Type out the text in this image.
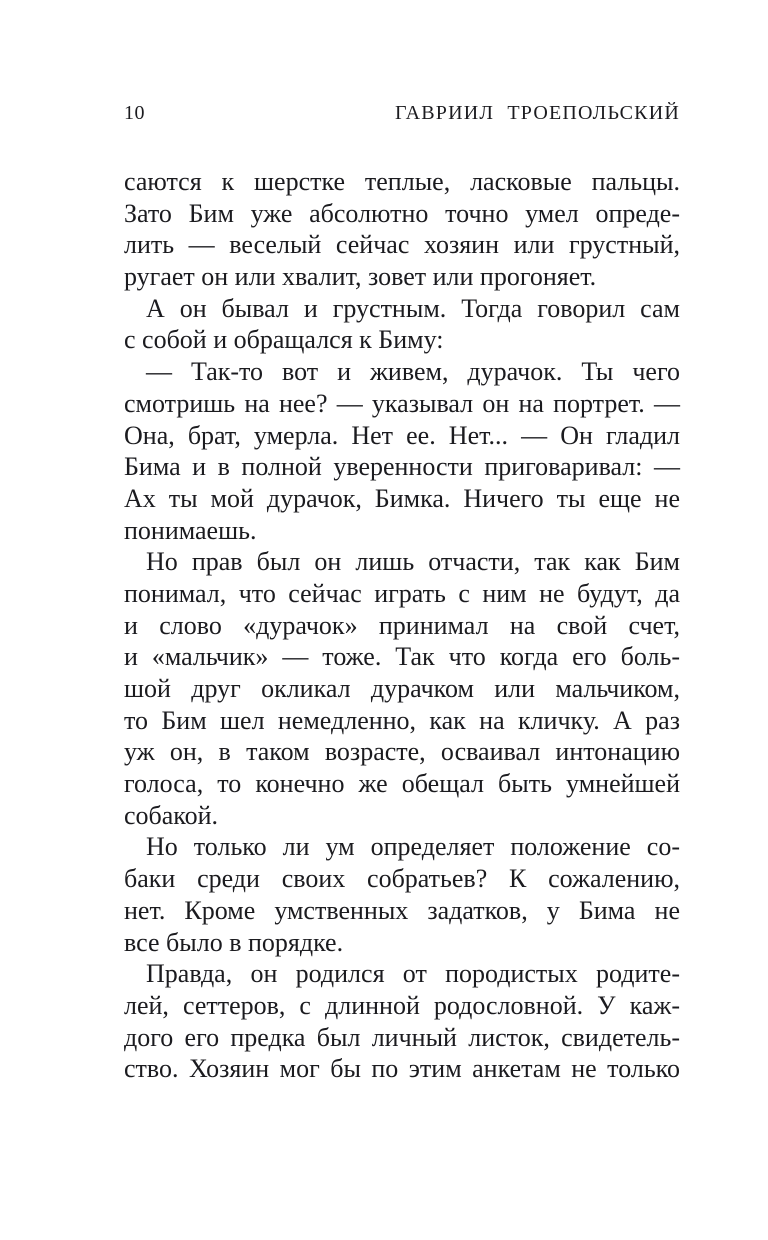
10	ГАВРИИЛ ТРОЕПОЛЬСКИЙ
саются к шерстке теплые, ласковые пальцы.
Зато Бим уже абсолютно точно умел опреде-
лить — веселый сейчас хозяин или грустный,
ругает он или хвалит, зовет или прогоняет.
А он бывал и грустным. Тогда говорил сам
с собой и обращался к Биму:
— Так-то вот и живем, дурачок. Ты чего
смотришь на нее? — указывал он на портрет. —
Она, брат, умерла. Нет ее. Нет... — Он гладил
Бима и в полной уверенности приговаривал: —
Ах ты мой дурачок, Бимка. Ничего ты еще не
понимаешь.
Но прав был он лишь отчасти, так как Бим
понимал, что сейчас играть с ним не будут, да
и слово «дурачок» принимал на свой счет,
и «мальчик» — тоже. Так что когда его боль-
шой друг окликал дурачком или мальчиком,
то Бим шел немедленно, как на кличку. А раз
уж он, в таком возрасте, осваивал интонацию
голоса, то конечно же обещал быть умнейшей
собакой.
Но только ли ум определяет положение со-
баки среди своих собратьев? К сожалению,
нет. Кроме умственных задатков, у Бима не
все было в порядке.
Правда, он родился от породистых родите-
лей, сеттеров, с длинной родословной. У каж-
дого его предка был личный листок, свидетель-
ство. Хозяин мог бы по этим анкетам не только
